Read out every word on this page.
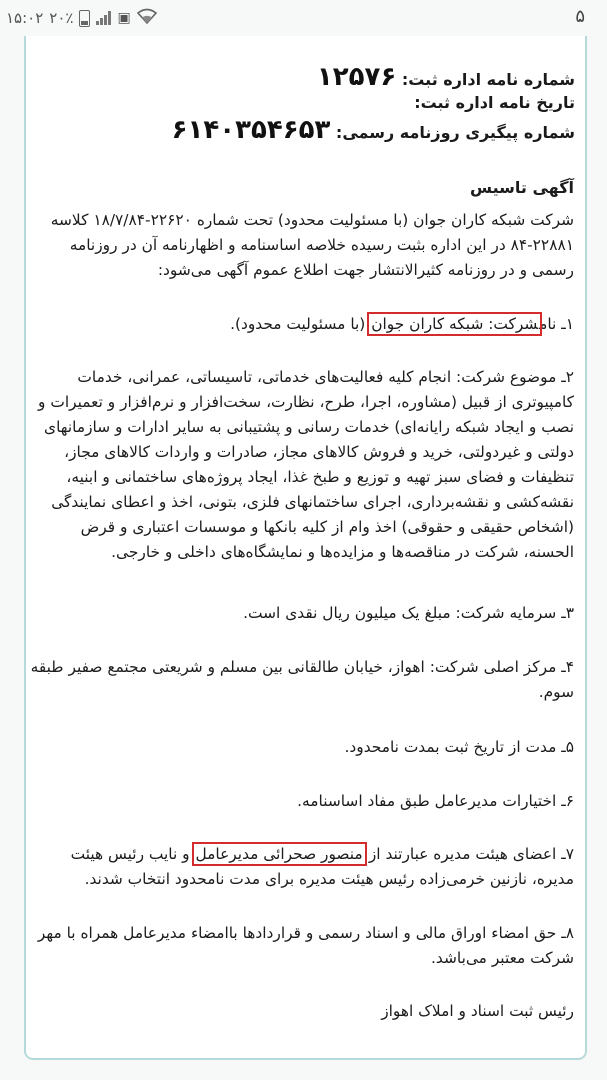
۱۵:۰۲ ۲۰٪	▣	۵
شماره نامه اداره ثبت: ۱۲۵۷۶
تاریخ نامه اداره ثبت:
شماره پیگیری روزنامه رسمی: ۶۱۴۰۳۵۴۶۵۳
آگهی تاسیس
شرکت شبکه کاران جوان (با مسئولیت محدود) تحت شماره ۲۲۶۲۰-۱۸/۷/۸۴ کلاسه
۸۴-۲۲۸۸۱ در این اداره بثبت رسیده خلاصه اساسنامه و اظهارنامه آن در روزنامه
رسمی و در روزنامه کثیرالانتشار جهت اطلاع عموم آگهی می‌شود:
۱ـ نامشرکت: شبکه کاران جوان (با مسئولیت محدود).
۲ـ موضوع شرکت: انجام کلیه فعالیت‌های خدماتی، تاسیساتی، عمرانی، خدمات
کامپیوتری از قبیل (مشاوره، اجرا، طرح، نظارت، سخت‌افزار و نرم‌افزار و تعمیرات و
نصب و ایجاد شبکه رایانه‌ای) خدمات رسانی و پشتیبانی به سایر ادارات و سازمانهای
دولتی و غیردولتی، خرید و فروش کالاهای مجاز، صادرات و واردات کالاهای مجاز،
تنظیفات و فضای سبز تهیه و توزیع و طبخ غذا، ایجاد پروژه‌های ساختمانی و ابنیه،
نقشه‌کشی و نقشه‌برداری، اجرای ساختمانهای فلزی، بتونی، اخذ و اعطای نمایندگی
(اشخاص حقیقی و حقوقی) اخذ وام از کلیه بانکها و موسسات اعتباری و قرض
الحسنه، شرکت در مناقصه‌ها و مزایده‌ها و نمایشگاه‌های داخلی و خارجی.
۳ـ سرمایه شرکت: مبلغ یک میلیون ریال نقدی است.
۴ـ مرکز اصلی شرکت: اهواز، خیابان طالقانی بین مسلم و شریعتی مجتمع صفیر طبقه
سوم.
۵ـ مدت از تاریخ ثبت بمدت نامحدود.
۶ـ اختیارات مدیرعامل طبق مفاد اساسنامه.
۷ـ اعضای هیئت مدیره عبارتند از:منصور صحرائی مدیرعامل و نایب رئیس هیئت
مدیره، نازنین خرمی‌زاده رئیس هیئت مدیره برای مدت نامحدود انتخاب شدند.
۸ـ حق امضاء اوراق مالی و اسناد رسمی و قراردادها باامضاء مدیرعامل همراه با مهر
شرکت معتبر می‌باشد.
رئیس ثبت اسناد و املاک اهواز
